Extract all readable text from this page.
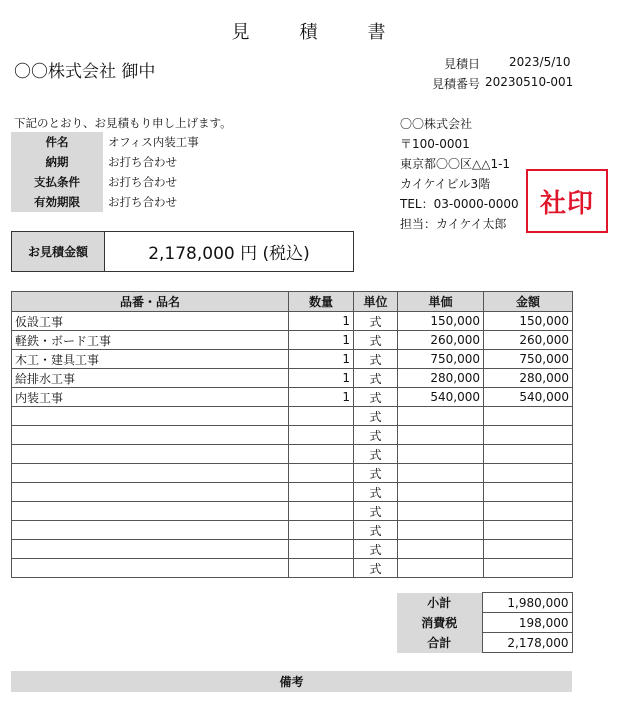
見　積　書
〇〇株式会社 御中	見積日 2023/5/10
見積番号 20230510-001
下記のとおり、お見積もり申し上げます。
件名	オフィス内装工事
納期	お打ち合わせ
支払条件	お打ち合わせ
有効期限	お打ち合わせ
〇〇株式会社
〒100-0001
東京都〇〇区△△1-1
カイケイビル3階
TEL：03-0000-0000
担当：カイケイ太郎
社印
お見積金額	2,178,000 円 (税込)
品番・品名	数量	単位	単価	金額
仮設工事	1	式	150,000	150,000
軽鉄・ボード工事	1	式	260,000	260,000
木工・建具工事	1	式	750,000	750,000
給排水工事	1	式	280,000	280,000
内装工事	1	式	540,000	540,000
		式		
		式		
		式		
		式		
		式		
		式		
		式		
		式		
		式		
小計	1,980,000
消費税	198,000
合計	2,178,000
備考
